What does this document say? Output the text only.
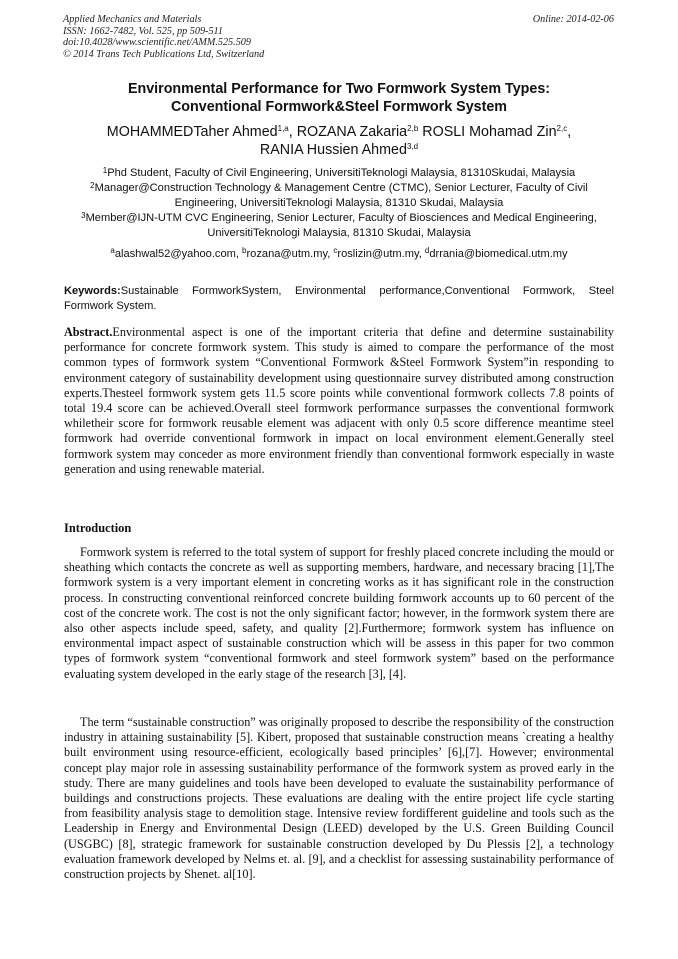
Applied Mechanics and Materials
ISSN: 1662-7482, Vol. 525, pp 509-511
doi:10.4028/www.scientific.net/AMM.525.509
© 2014 Trans Tech Publications Ltd, Switzerland
Online: 2014-02-06
Environmental Performance for Two Formwork System Types:
Conventional Formwork&Steel Formwork System
MOHAMMEDTaher Ahmed$^{1,a}$, ROZANA Zakaria$^{2,b}$ ROSLI Mohamad Zin$^{2,c}$,
RANIA Hussien Ahmed$^{3,d}$
$^1$Phd Student, Faculty of Civil Engineering, UniversitiTeknologi Malaysia, 81310Skudai, Malaysia
$^2$Manager@Construction Technology & Management Centre (CTMC), Senior Lecturer, Faculty of Civil Engineering, UniversitiTeknologi Malaysia, 81310 Skudai, Malaysia
$^3$Member@IJN-UTM CVC Engineering, Senior Lecturer, Faculty of Biosciences and Medical Engineering, UniversitiTeknologi Malaysia, 81310 Skudai, Malaysia
$^a$alashwal52@yahoo.com, $^b$rozana@utm.my, $^c$roslizin@utm.my, $^d$drrania@biomedical.utm.my
Keywords:Sustainable FormworkSystem, Environmental performance,Conventional Formwork, Steel Formwork System.
Abstract.Environmental aspect is one of the important criteria that define and determine sustainability performance for concrete formwork system. This study is aimed to compare the performance of the most common types of formwork system “Conventional Formwork &Steel Formwork System”in responding to environment category of sustainability development using questionnaire survey distributed among construction experts.Thesteel formwork system gets 11.5 score points while conventional formwork collects 7.8 points of total 19.4 score can be achieved.Overall steel formwork performance surpasses the conventional formwork whiletheir score for formwork reusable element was adjacent with only 0.5 score difference meantime steel formwork had override conventional formwork in impact on local environment element.Generally steel formwork system may conceder as more environment friendly than conventional formwork especially in waste generation and using renewable material.
Introduction
Formwork system is referred to the total system of support for freshly placed concrete including the mould or sheathing which contacts the concrete as well as supporting members, hardware, and necessary bracing [1],The formwork system is a very important element in concreting works as it has significant role in the construction process. In constructing conventional reinforced concrete building formwork accounts up to 60 percent of the cost of the concrete work. The cost is not the only significant factor; however, in the formwork system there are also other aspects include speed, safety, and quality [2].Furthermore; formwork system has influence on environmental impact aspect of sustainable construction which will be assess in this paper for two common types of formwork system “conventional formwork and steel formwork system” based on the performance evaluating system developed in the early stage of the research [3], [4].
The term “sustainable construction” was originally proposed to describe the responsibility of the construction industry in attaining sustainability [5]. Kibert, proposed that sustainable construction means `creating a healthy built environment using resource-efficient, ecologically based principles’ [6],[7]. However; environmental concept play major role in assessing sustainability performance of the formwork system as proved early in the study. There are many guidelines and tools have been developed to evaluate the sustainability performance of buildings and constructions projects. These evaluations are dealing with the entire project life cycle starting from feasibility analysis stage to demolition stage. Intensive review fordifferent guideline and tools such as the Leadership in Energy and Environmental Design (LEED) developed by the U.S. Green Building Council (USGBC) [8], strategic framework for sustainable construction developed by Du Plessis [2], a technology evaluation framework developed by Nelms et. al. [9], and a checklist for assessing sustainability performance of construction projects by Shenet. al[10].
